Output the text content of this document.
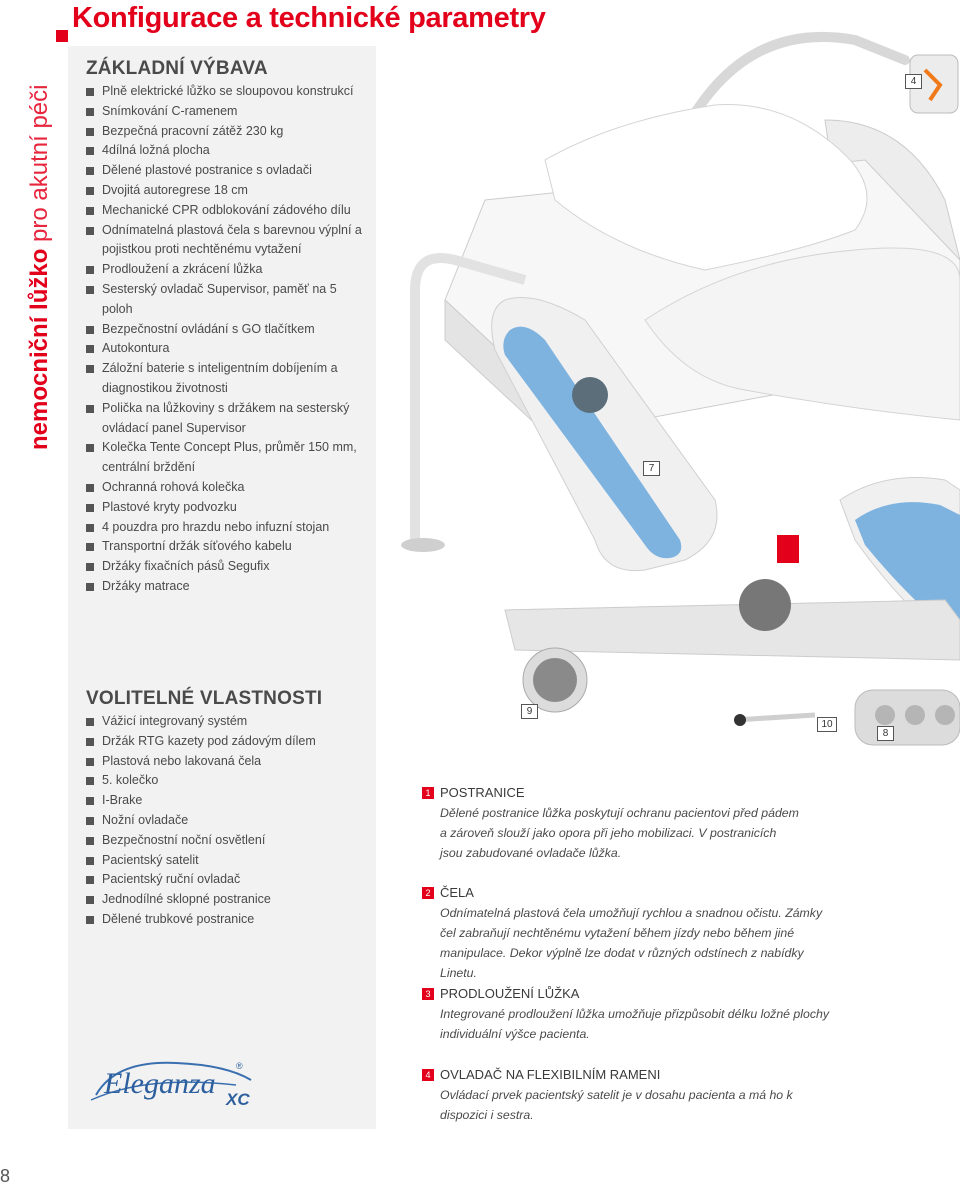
Konfigurace a technické parametry
nemocniční lůžko pro akutní péči
ZÁKLADNÍ VÝBAVA
Plně elektrické lůžko se sloupovou konstrukcí
Snímkování C-ramenem
Bezpečná pracovní zátěž 230 kg
4dílná ložná plocha
Dělené plastové postranice s ovladači
Dvojitá autoregrese 18 cm
Mechanické CPR odblokování zádového dílu
Odnímatelná plastová čela s barevnou výplní a pojistkou proti nechtěnému vytažení
Prodloužení a zkrácení lůžka
Sesterský ovladač Supervisor, paměť na 5 poloh
Bezpečnostní ovládání s GO tlačítkem
Autokontura
Záložní baterie s inteligentním dobíjením a diagnostikou životnosti
Polička na lůžkoviny s držákem na sesterský ovládací panel Supervisor
Kolečka Tente Concept Plus, průměr 150 mm, centrální brždění
Ochranná rohová kolečka
Plastové kryty podvozku
4 pouzdra pro hrazdu nebo infuzní stojan
Transportní držák síťového kabelu
Držáky fixačních pásů Segufix
Držáky matrace
VOLITELNÉ VLASTNOSTI
Vážicí integrovaný systém
Držák RTG kazety pod zádovým dílem
Plastová nebo lakovaná čela
5. kolečko
I-Brake
Nožní ovladače
Bezpečnostní noční osvětlení
Pacientský satelit
Pacientský ruční ovladač
Jednodílné sklopné postranice
Dělené trubkové postranice
4
7
9
10
8
1 POSTRANICE
Dělené postranice lůžka poskytují ochranu pacientovi před pádem a zároveň slouží jako opora při jeho mobilizaci. V postranicích jsou zabudované ovladače lůžka.
2 ČELA
Odnímatelná plastová čela umožňují rychlou a snadnou očistu. Zámky čel zabraňují nechtěnému vytažení během jízdy nebo během jiné manipulace. Dekor výplně lze dodat v různých odstínech z nabídky Linetu.
3 PRODLOUŽENÍ LŮŽKA
Integrované prodloužení lůžka umožňuje přizpůsobit délku ložné plochy individuální výšce pacienta.
4 OVLADAČ NA FLEXIBILNÍM RAMENI
Ovládací prvek pacientský satelit je v dosahu pacienta a má ho k dispozici i sestra.
Eleganza XC
®
8
